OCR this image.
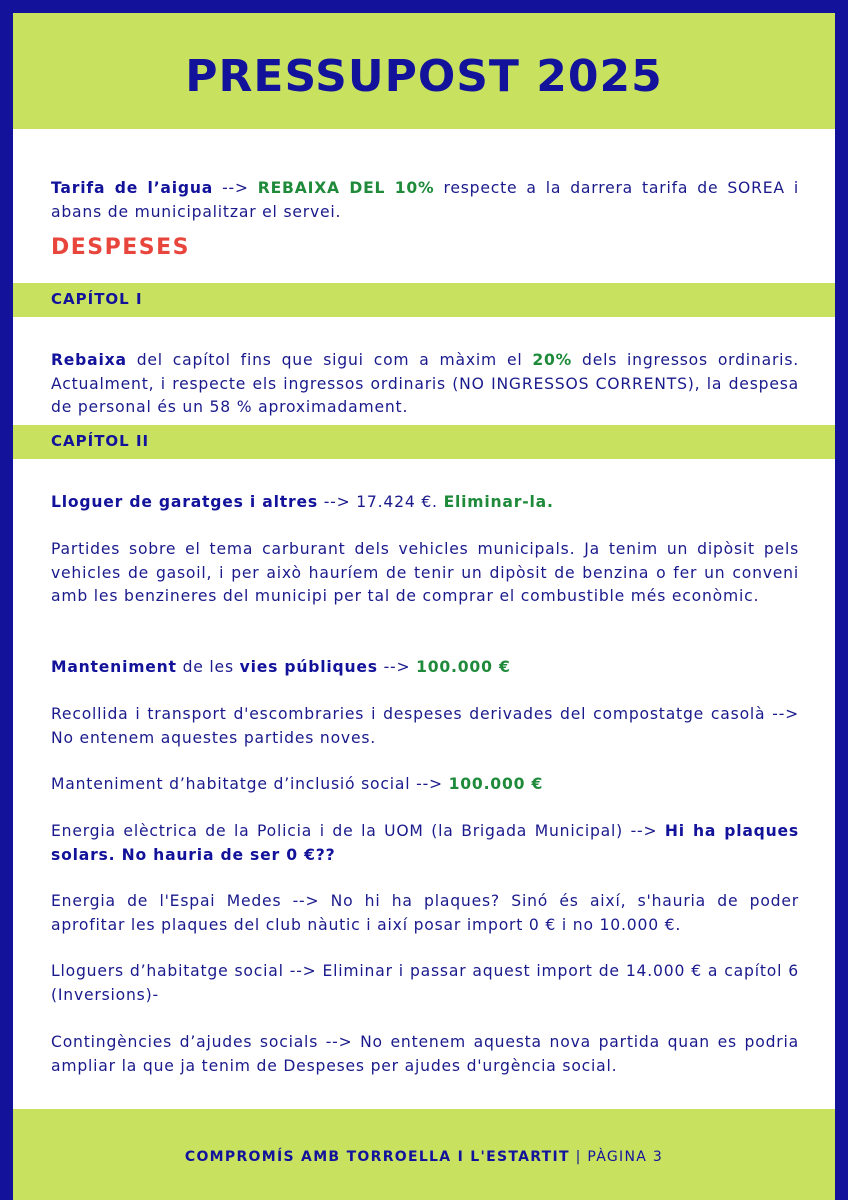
PRESSUPOST 2025

Tarifa de l’aigua --> REBAIXA DEL 10% respecte a la darrera tarifa de SOREA i abans de municipalitzar el servei.

DESPESES
CAPÍTOL I

Rebaixa del capítol fins que sigui com a màxim el 20% dels ingressos ordinaris. Actualment, i respecte els ingressos ordinaris (NO INGRESSOS CORRENTS), la despesa de personal és un 58 % aproximadament.

CAPÍTOL II

Lloguer de garatges i altres --> 17.424 €. Eliminar-la.

Partides sobre el tema carburant dels vehicles municipals. Ja tenim un dipòsit pels vehicles de gasoil, i per això hauríem de tenir un dipòsit de benzina o fer un conveni amb les benzineres del municipi per tal de comprar el combustible més econòmic.

Manteniment de les vies públiques --> 100.000 €

Recollida i transport d'escombraries i despeses derivades del compostatge casolà --> No entenem aquestes partides noves.

Manteniment d’habitatge d’inclusió social --> 100.000 €

Energia elèctrica de la Policia i de la UOM (la Brigada Municipal) --> Hi ha plaques solars. No hauria de ser 0 €??

Energia de l'Espai Medes --> No hi ha plaques? Sinó és així, s'hauria de poder aprofitar les plaques del club nàutic i així posar import 0 € i no 10.000 €.

Lloguers d’habitatge social --> Eliminar i passar aquest import de 14.000 € a capítol 6 (Inversions)-

Contingències d’ajudes socials --> No entenem aquesta nova partida quan es podria ampliar la que ja tenim de Despeses per ajudes d'urgència social.

COMPROMÍS AMB TORROELLA I L'ESTARTIT | PÀGINA 3
